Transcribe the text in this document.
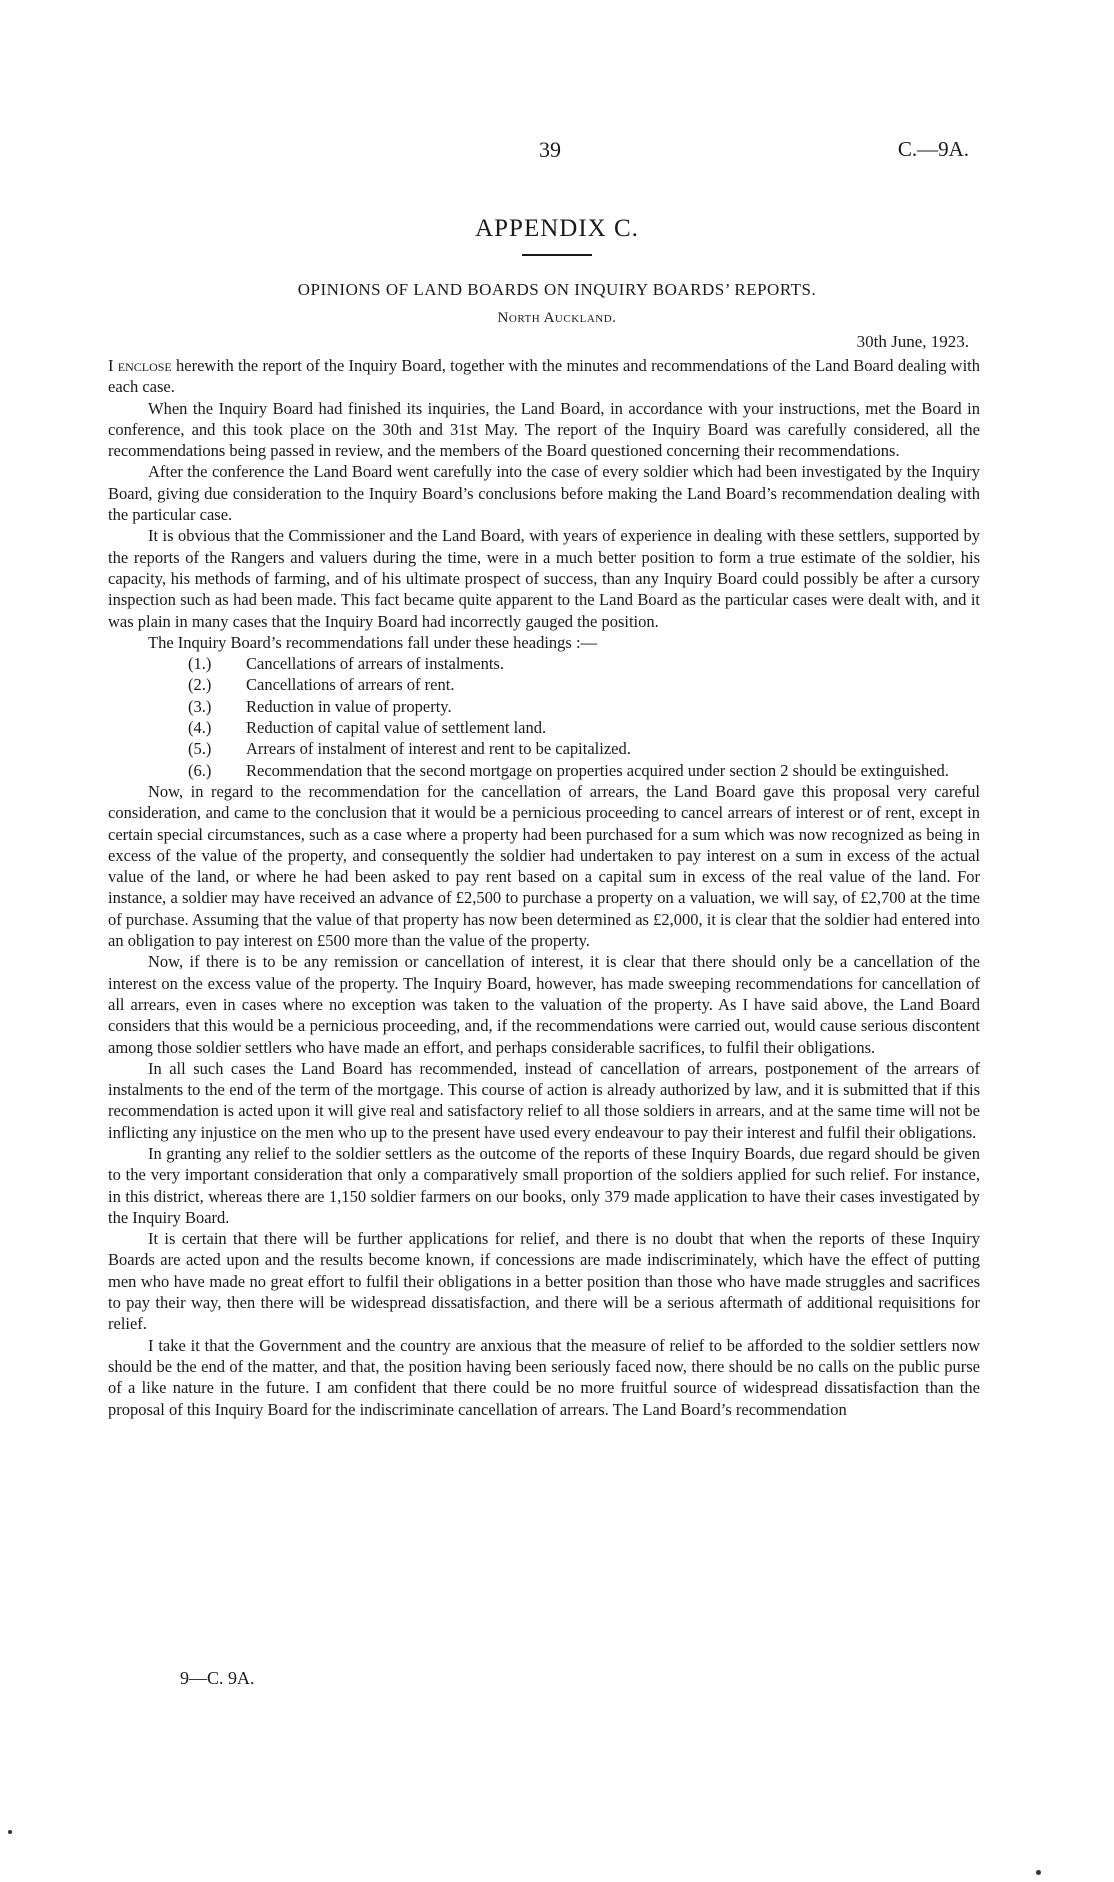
39	C.—9A.
APPENDIX C.
OPINIONS OF LAND BOARDS ON INQUIRY BOARDS’ REPORTS.
North Auckland.
30th June, 1923.

I enclose herewith the report of the Inquiry Board, together with the minutes and recommendations of the Land Board dealing with each case.

When the Inquiry Board had finished its inquiries, the Land Board, in accordance with your instructions, met the Board in conference, and this took place on the 30th and 31st May. The report of the Inquiry Board was carefully considered, all the recommendations being passed in review, and the members of the Board questioned concerning their recommendations.

After the conference the Land Board went carefully into the case of every soldier which had been investigated by the Inquiry Board, giving due consideration to the Inquiry Board’s conclusions before making the Land Board’s recommendation dealing with the particular case.

It is obvious that the Commissioner and the Land Board, with years of experience in dealing with these settlers, supported by the reports of the Rangers and valuers during the time, were in a much better position to form a true estimate of the soldier, his capacity, his methods of farming, and of his ultimate prospect of success, than any Inquiry Board could possibly be after a cursory inspection such as had been made. This fact became quite apparent to the Land Board as the particular cases were dealt with, and it was plain in many cases that the Inquiry Board had incorrectly gauged the position.

The Inquiry Board’s recommendations fall under these headings :—

(1.) Cancellations of arrears of instalments.
(2.) Cancellations of arrears of rent.
(3.) Reduction in value of property.
(4.) Reduction of capital value of settlement land.
(5.) Arrears of instalment of interest and rent to be capitalized.
(6.) Recommendation that the second mortgage on properties acquired under section 2 should be extinguished.

Now, in regard to the recommendation for the cancellation of arrears, the Land Board gave this proposal very careful consideration, and came to the conclusion that it would be a pernicious proceeding to cancel arrears of interest or of rent, except in certain special circumstances, such as a case where a property had been purchased for a sum which was now recognized as being in excess of the value of the property, and consequently the soldier had undertaken to pay interest on a sum in excess of the actual value of the land, or where he had been asked to pay rent based on a capital sum in excess of the real value of the land. For instance, a soldier may have received an advance of £2,500 to purchase a property on a valuation, we will say, of £2,700 at the time of purchase. Assuming that the value of that property has now been determined as £2,000, it is clear that the soldier had entered into an obligation to pay interest on £500 more than the value of the property.

Now, if there is to be any remission or cancellation of interest, it is clear that there should only be a cancellation of the interest on the excess value of the property. The Inquiry Board, however, has made sweeping recommendations for cancellation of all arrears, even in cases where no exception was taken to the valuation of the property. As I have said above, the Land Board considers that this would be a pernicious proceeding, and, if the recommendations were carried out, would cause serious discontent among those soldier settlers who have made an effort, and perhaps considerable sacrifices, to fulfil their obligations.

In all such cases the Land Board has recommended, instead of cancellation of arrears, postponement of the arrears of instalments to the end of the term of the mortgage. This course of action is already authorized by law, and it is submitted that if this recommendation is acted upon it will give real and satisfactory relief to all those soldiers in arrears, and at the same time will not be inflicting any injustice on the men who up to the present have used every endeavour to pay their interest and fulfil their obligations.

In granting any relief to the soldier settlers as the outcome of the reports of these Inquiry Boards, due regard should be given to the very important consideration that only a comparatively small proportion of the soldiers applied for such relief. For instance, in this district, whereas there are 1,150 soldier farmers on our books, only 379 made application to have their cases investigated by the Inquiry Board.

It is certain that there will be further applications for relief, and there is no doubt that when the reports of these Inquiry Boards are acted upon and the results become known, if concessions are made indiscriminately, which have the effect of putting men who have made no great effort to fulfil their obligations in a better position than those who have made struggles and sacrifices to pay their way, then there will be widespread dissatisfaction, and there will be a serious aftermath of additional requisitions for relief.

I take it that the Government and the country are anxious that the measure of relief to be afforded to the soldier settlers now should be the end of the matter, and that, the position having been seriously faced now, there should be no calls on the public purse of a like nature in the future. I am confident that there could be no more fruitful source of widespread dissatisfaction than the proposal of this Inquiry Board for the indiscriminate cancellation of arrears. The Land Board’s recommendation

9—C. 9A.
